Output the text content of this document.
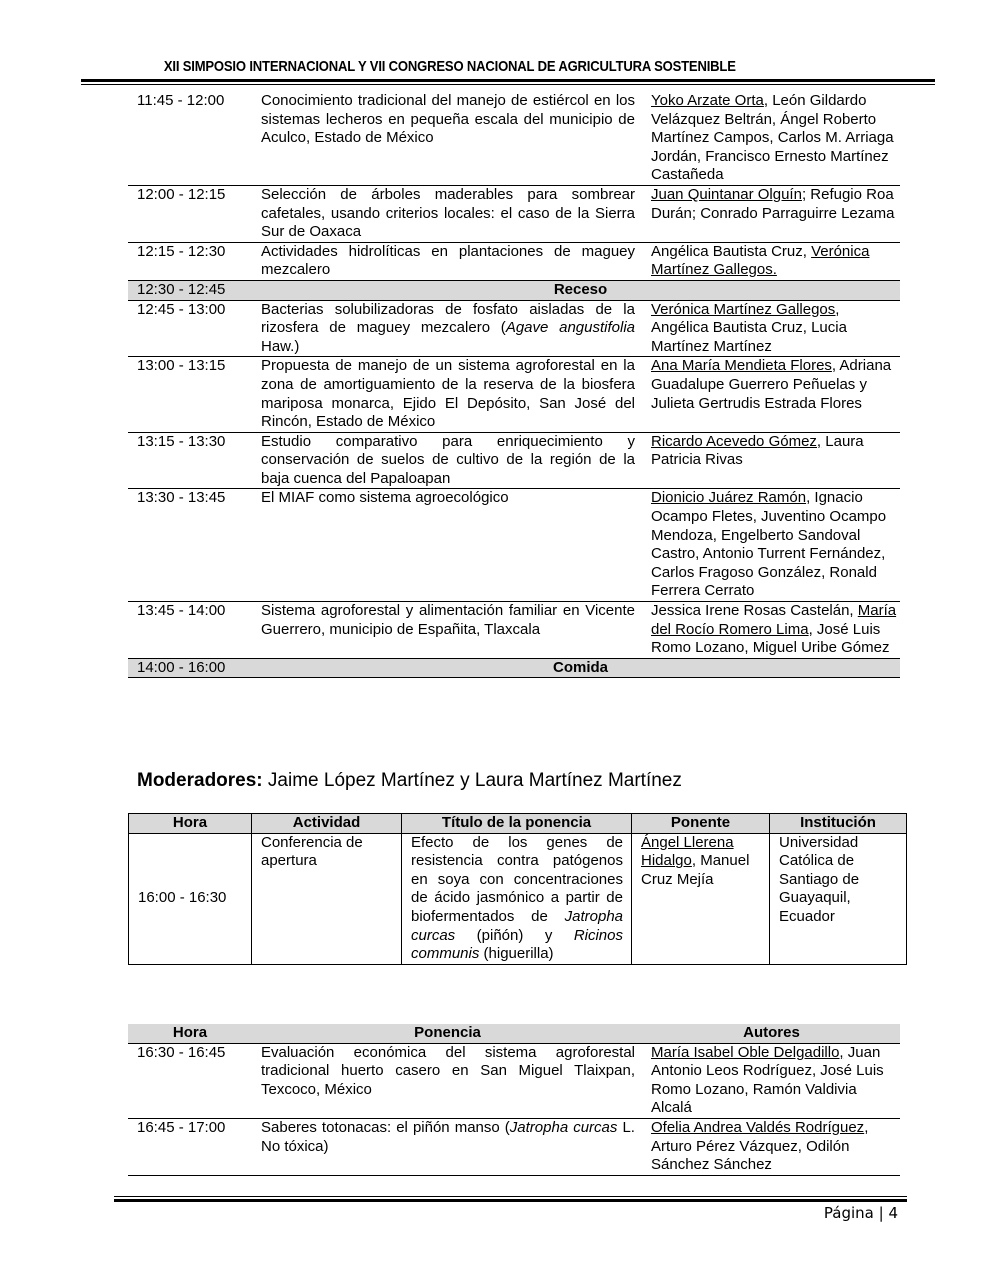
XII SIMPOSIO INTERNACIONAL Y VII CONGRESO NACIONAL DE AGRICULTURA SOSTENIBLE
11:45 - 12:00	Conocimiento tradicional del manejo de estiércol en los sistemas lecheros en pequeña escala del municipio de Aculco, Estado de México	Yoko Arzate Orta, León Gildardo Velázquez Beltrán, Ángel Roberto Martínez Campos, Carlos M. Arriaga Jordán, Francisco Ernesto Martínez Castañeda
12:00 - 12:15	Selección de árboles maderables para sombrear cafetales, usando criterios locales: el caso de la Sierra Sur de Oaxaca	Juan Quintanar Olguín; Refugio Roa Durán; Conrado Parraguirre Lezama
12:15 - 12:30	Actividades hidrolíticas en plantaciones de maguey mezcalero	Angélica Bautista Cruz, Verónica Martínez Gallegos.
12:30 - 12:45	Receso	
12:45 - 13:00	Bacterias solubilizadoras de fosfato aisladas de la rizosfera de maguey mezcalero (Agave angustifolia Haw.)	Verónica Martínez Gallegos, Angélica Bautista Cruz, Lucia Martínez Martínez
13:00 - 13:15	Propuesta de manejo de un sistema agroforestal en la zona de amortiguamiento de la reserva de la biosfera mariposa monarca, Ejido El Depósito, San José del Rincón, Estado de México	Ana María Mendieta Flores, Adriana Guadalupe Guerrero Peñuelas y Julieta Gertrudis Estrada Flores
13:15 - 13:30	Estudio comparativo para enriquecimiento y conservación de suelos de cultivo de la región de la baja cuenca del Papaloapan	Ricardo Acevedo Gómez, Laura Patricia Rivas
13:30 - 13:45	El MIAF como sistema agroecológico	Dionicio Juárez Ramón, Ignacio Ocampo Fletes, Juventino Ocampo Mendoza, Engelberto Sandoval Castro, Antonio Turrent Fernández, Carlos Fragoso González, Ronald Ferrera Cerrato
13:45 - 14:00	Sistema agroforestal y alimentación familiar en Vicente Guerrero, municipio de Españita, Tlaxcala	Jessica Irene Rosas Castelán, María del Rocío Romero Lima, José Luis Romo Lozano, Miguel Uribe Gómez
14:00 - 16:00	Comida	
Moderadores: Jaime López Martínez y Laura Martínez Martínez
Hora	Actividad	Título de la ponencia	Ponente	Institución
16:00 - 16:30	Conferencia de apertura	Efecto de los genes de resistencia contra patógenos en soya con concentraciones de ácido jasmónico a partir de biofermentados de Jatropha curcas (piñón) y Ricinos communis (higuerilla)	Ángel Llerena Hidalgo, Manuel Cruz Mejía	Universidad Católica de Santiago de Guayaquil, Ecuador
Hora	Ponencia	Autores
16:30 - 16:45	Evaluación económica del sistema agroforestal tradicional huerto casero en San Miguel Tlaixpan, Texcoco, México	María Isabel Oble Delgadillo, Juan Antonio Leos Rodríguez, José Luis Romo Lozano, Ramón Valdivia Alcalá
16:45 - 17:00	Saberes totonacas: el piñón manso (Jatropha curcas L. No tóxica)	Ofelia Andrea Valdés Rodríguez, Arturo Pérez Vázquez, Odilón Sánchez Sánchez
Página | 4
